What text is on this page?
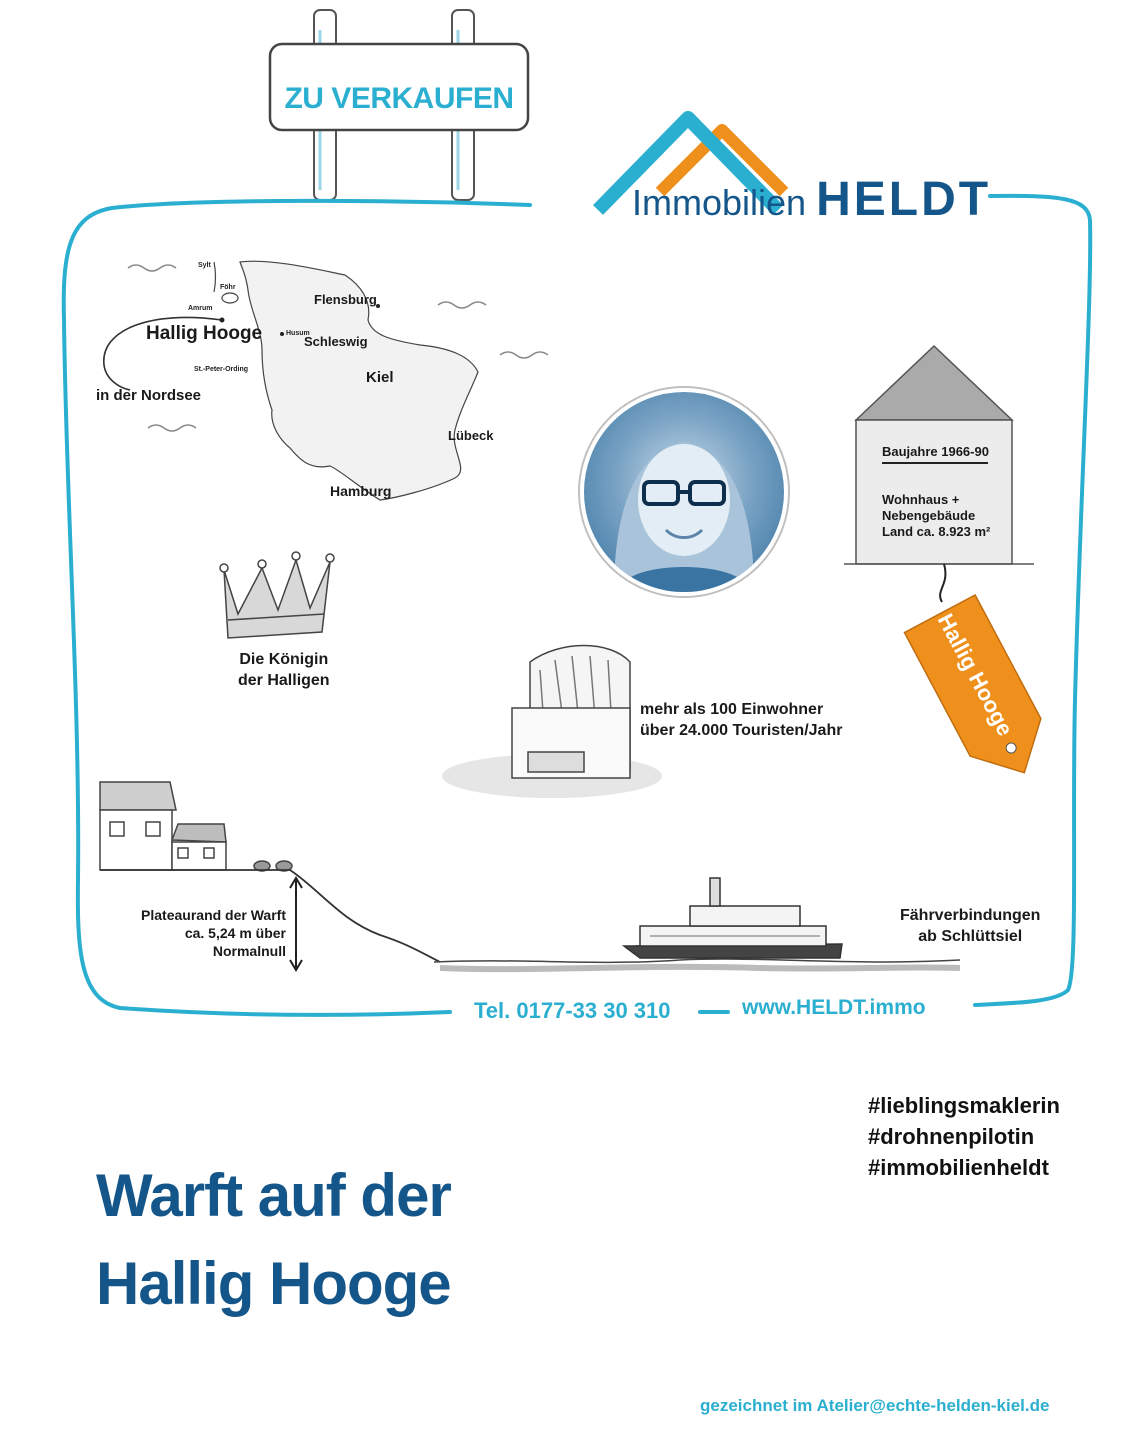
ZU VERKAUFEN
Immobilien HELDT
Sylt
Föhr
Amrum
Husum
St.-Peter-Ording
Flensburg
Schleswig
Kiel
Lübeck
Hamburg
Hallig Hooge
in der Nordsee
Baujahre 1966-90
Wohnhaus +
Nebengebäude
Land ca. 8.923 m²
Hallig Hooge
Die Königin
der Halligen
mehr als 100 Einwohner
über 24.000 Touristen/Jahr
Plateaurand der Warft
ca. 5,24 m über Normalnull
Fährverbindungen
ab Schlüttsiel
Tel. 0177-33 30 310	www.HELDT.immo
#lieblingsmaklerin
#drohnenpilotin
#immobilienheldt
Warft auf der
Hallig Hooge
gezeichnet im Atelier@echte-helden-kiel.de
